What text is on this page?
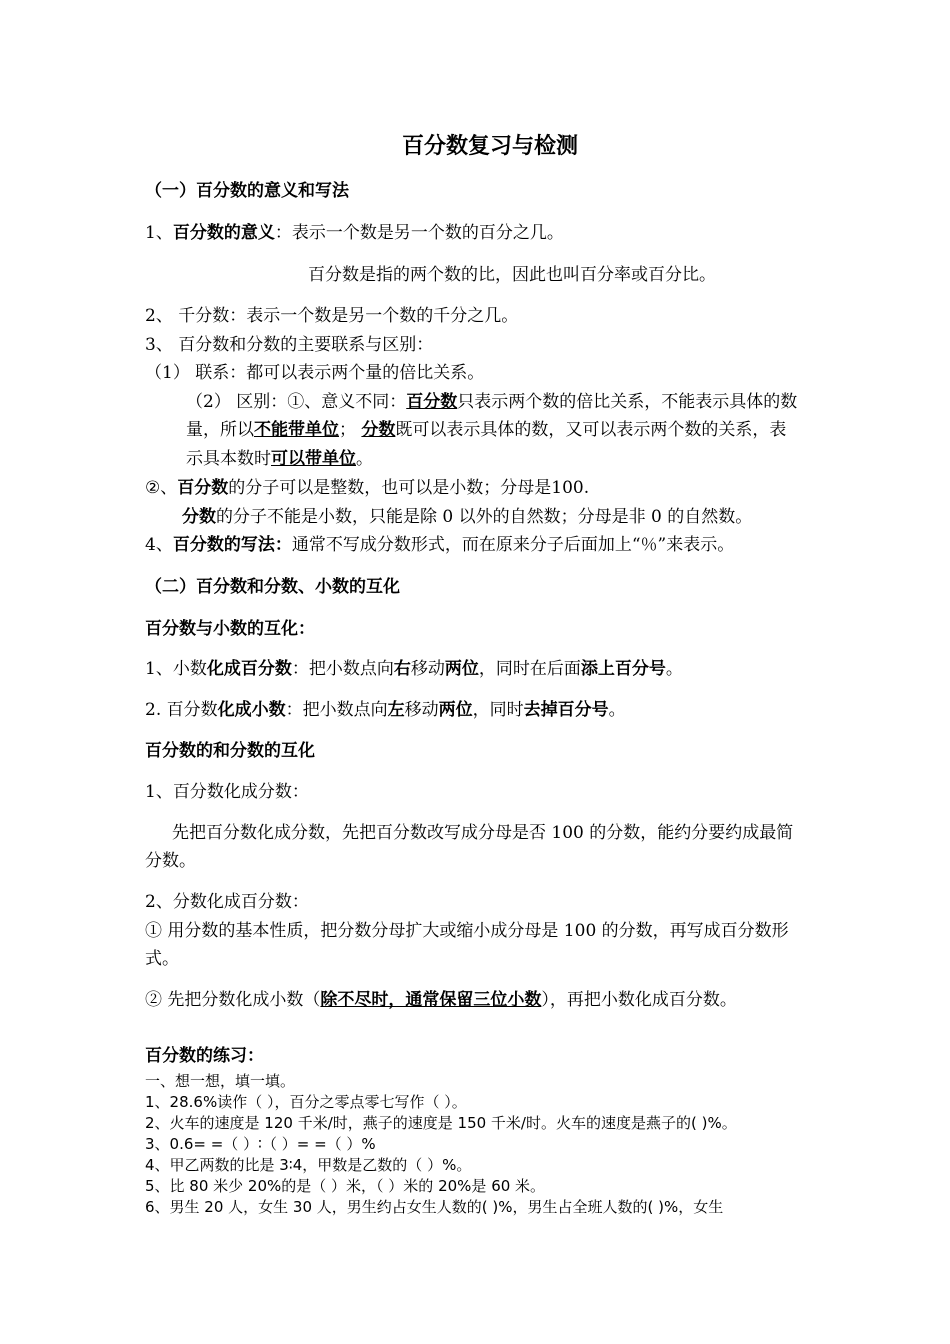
百分数复习与检测
（一）百分数的意义和写法
1、百分数的意义：表示一个数是另一个数的百分之几。
百分数是指的两个数的比，因此也叫百分率或百分比。
2、 千分数：表示一个数是另一个数的千分之几。
3、 百分数和分数的主要联系与区别：
（1） 联系：都可以表示两个量的倍比关系。
（2） 区别：①、意义不同：百分数只表示两个数的倍比关系，不能表示具体的数
量，所以不能带单位； 分数既可以表示具体的数，又可以表示两个数的关系，表
示具本数时可以带单位。
②、百分数的分子可以是整数，也可以是小数；分母是100.
分数的分子不能是小数，只能是除 0 以外的自然数；分母是非 0 的自然数。
4、百分数的写法：通常不写成分数形式，而在原来分子后面加上“％”来表示。
（二）百分数和分数、小数的互化
百分数与小数的互化：
1、小数化成百分数：把小数点向右移动两位，同时在后面添上百分号。
2. 百分数化成小数：把小数点向左移动两位，同时去掉百分号。
百分数的和分数的互化
1、百分数化成分数：
先把百分数化成分数，先把百分数改写成分母是否 100 的分数，能约分要约成最简
分数。
2、分数化成百分数：
① 用分数的基本性质，把分数分母扩大或缩小成分母是 100 的分数，再写成百分数形
式。
② 先把分数化成小数（除不尽时，通常保留三位小数），再把小数化成百分数。
百分数的练习：
一、想一想，填一填。
1、28.6%读作（ ），百分之零点零七写作（ ）。
2、火车的速度是 120 千米/时，燕子的速度是 150 千米/时。火车的速度是燕子的( )%。
3、0.6= =（ ）∶（ ）= =（ ）%
4、甲乙两数的比是 3∶4，甲数是乙数的（ ）%。
5、比 80 米少 20%的是（ ）米，（ ）米的 20%是 60 米。
6、男生 20 人，女生 30 人，男生约占女生人数的( )%，男生占全班人数的( )%，女生
